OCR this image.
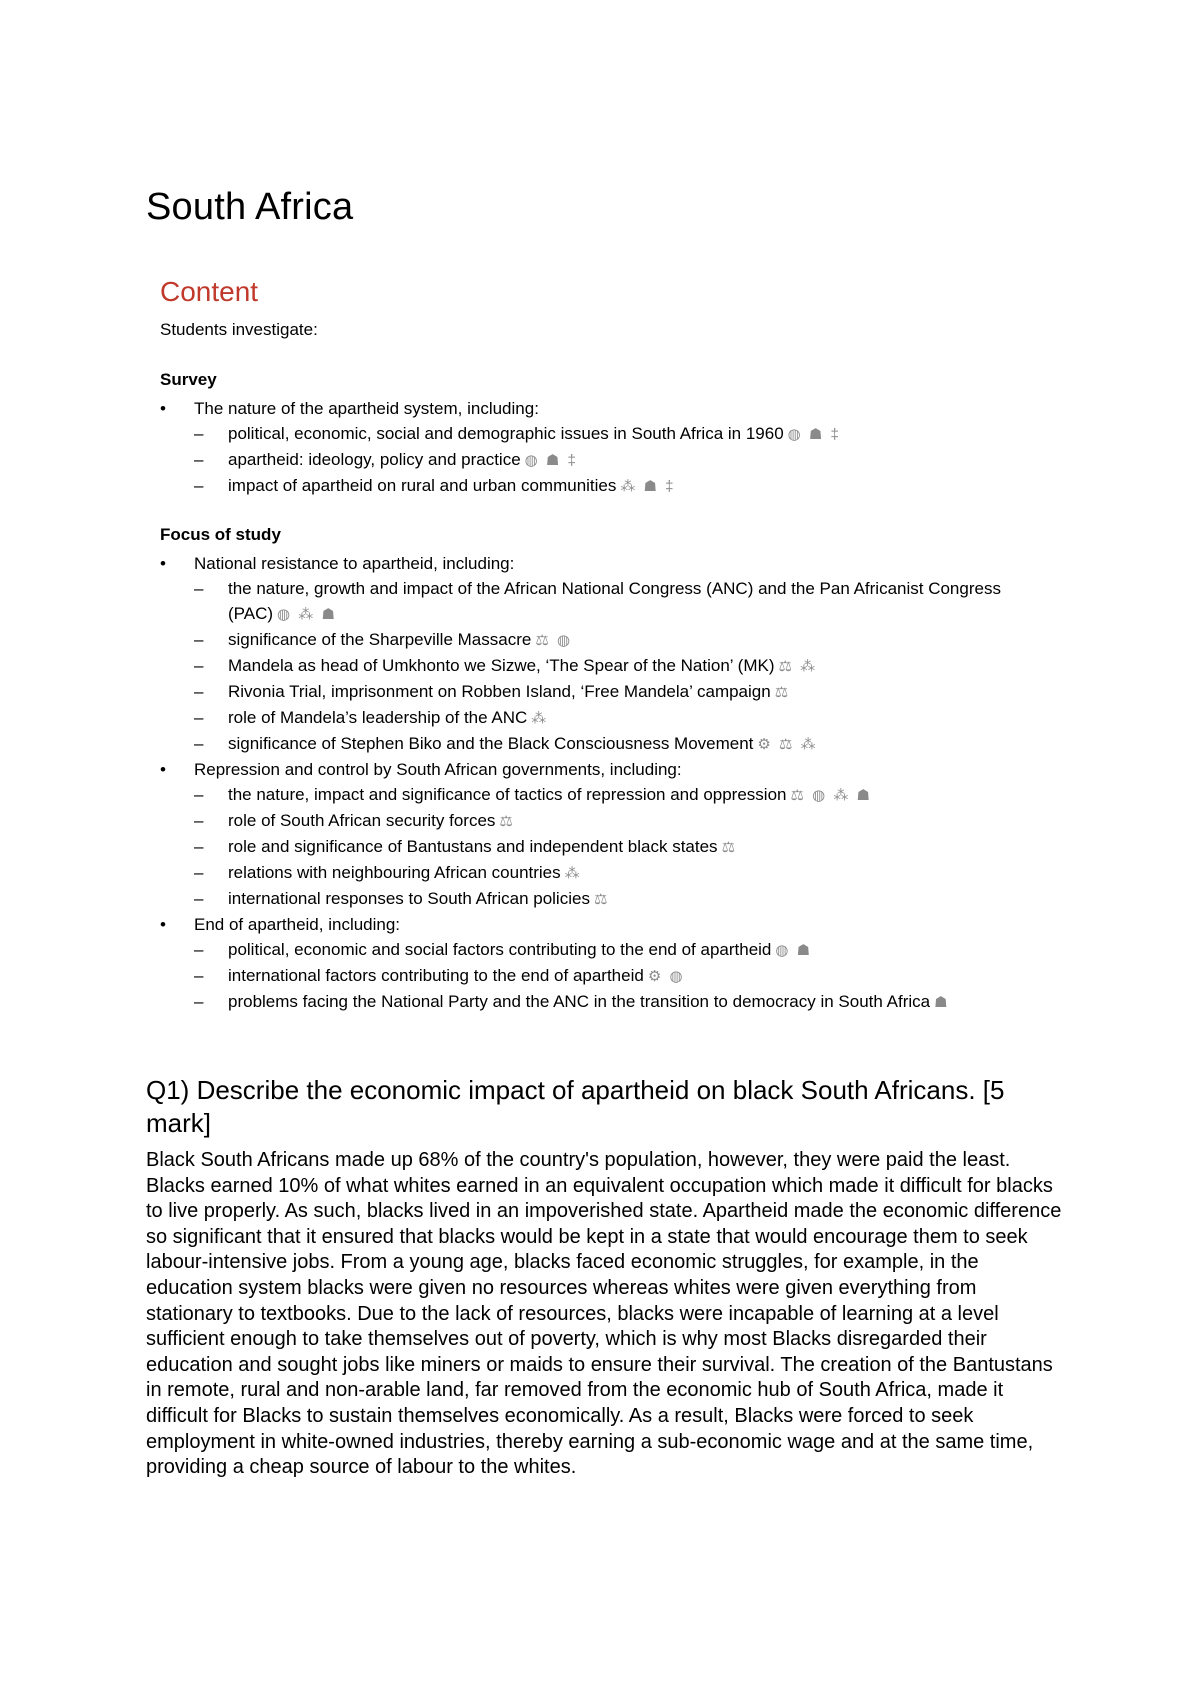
South Africa
Content

Students investigate:

Survey
• The nature of the apartheid system, including:
– political, economic, social and demographic issues in South Africa in 1960 ◍ ☗ ‡
– apartheid: ideology, policy and practice ◍ ☗ ‡
– impact of apartheid on rural and urban communities ⁂ ☗ ‡
Focus of study
• National resistance to apartheid, including:
– the nature, growth and impact of the African National Congress (ANC) and the Pan Africanist Congress (PAC) ◍ ⁂ ☗
– significance of the Sharpeville Massacre ⚖ ◍
– Mandela as head of Umkhonto we Sizwe, ‘The Spear of the Nation’ (MK) ⚖ ⁂
– Rivonia Trial, imprisonment on Robben Island, ‘Free Mandela’ campaign ⚖
– role of Mandela’s leadership of the ANC ⁂
– significance of Stephen Biko and the Black Consciousness Movement ⚙ ⚖ ⁂
• Repression and control by South African governments, including:
– the nature, impact and significance of tactics of repression and oppression ⚖ ◍ ⁂ ☗
– role of South African security forces ⚖
– role and significance of Bantustans and independent black states ⚖
– relations with neighbouring African countries ⁂
– international responses to South African policies ⚖
• End of apartheid, including:
– political, economic and social factors contributing to the end of apartheid ◍ ☗
– international factors contributing to the end of apartheid ⚙ ◍
– problems facing the National Party and the ANC in the transition to democracy in South Africa ☗
Q1) Describe the economic impact of apartheid on black South Africans. [5 mark]

Black South Africans made up 68% of the country's population, however, they were paid the least. Blacks earned 10% of what whites earned in an equivalent occupation which made it difficult for blacks to live properly. As such, blacks lived in an impoverished state. Apartheid made the economic difference so significant that it ensured that blacks would be kept in a state that would encourage them to seek labour-intensive jobs. From a young age, blacks faced economic struggles, for example, in the education system blacks were given no resources whereas whites were given everything from stationary to textbooks. Due to the lack of resources, blacks were incapable of learning at a level sufficient enough to take themselves out of poverty, which is why most Blacks disregarded their education and sought jobs like miners or maids to ensure their survival. The creation of the Bantustans in remote, rural and non-arable land, far removed from the economic hub of South Africa, made it difficult for Blacks to sustain themselves economically. As a result, Blacks were forced to seek employment in white-owned industries, thereby earning a sub-economic wage and at the same time, providing a cheap source of labour to the whites.
